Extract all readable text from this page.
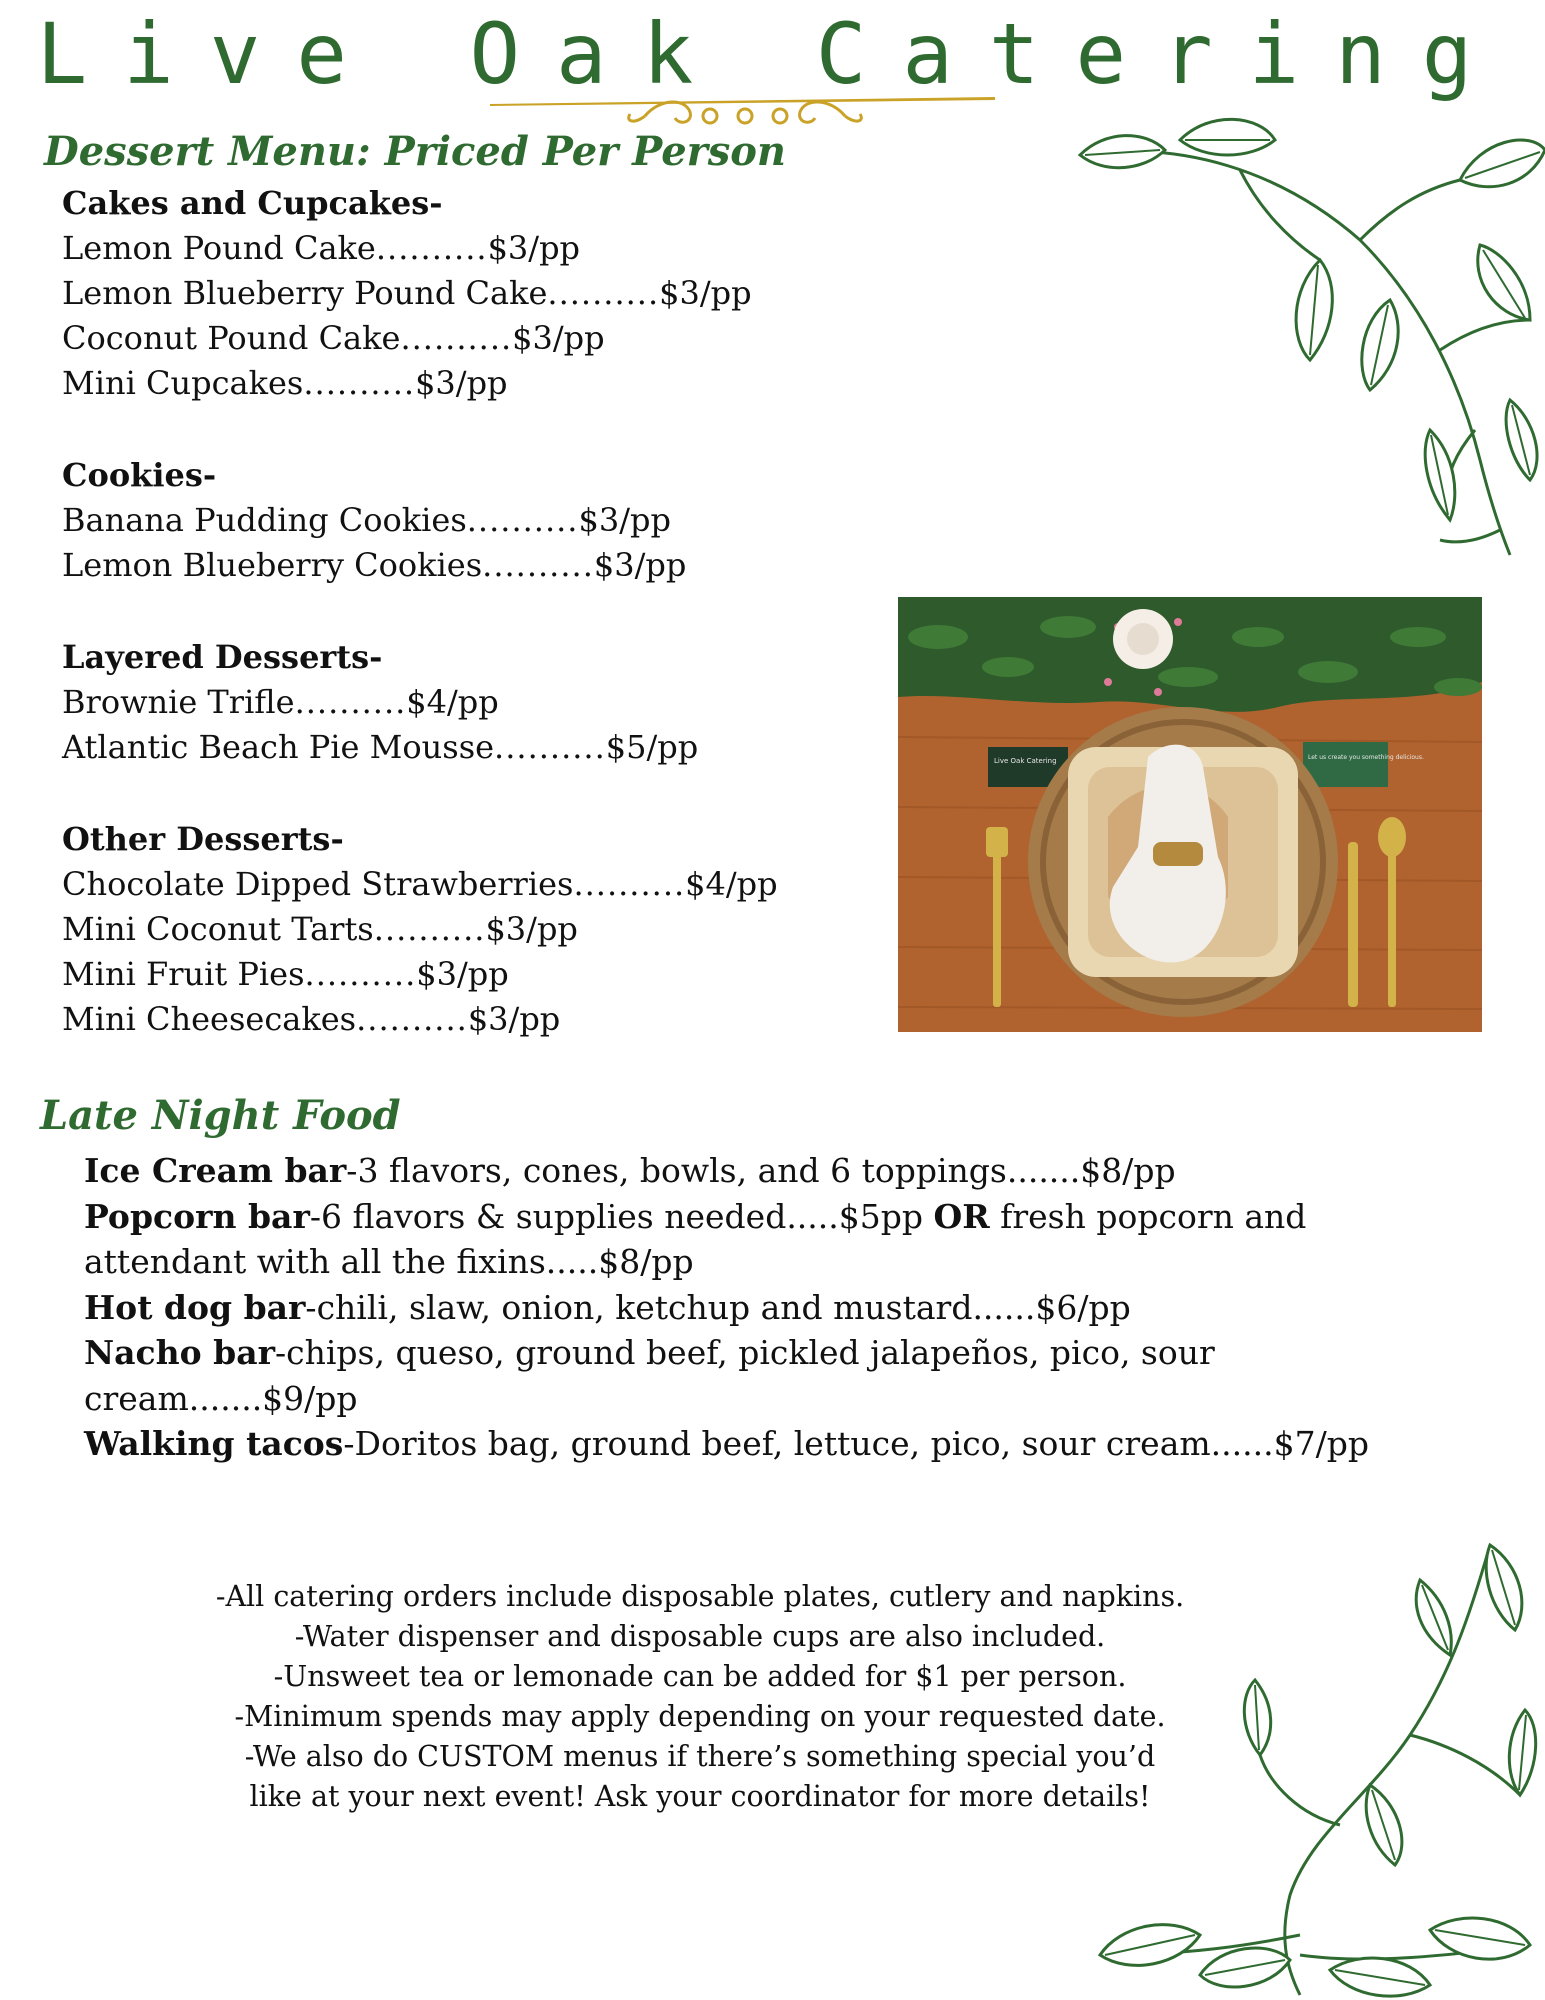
Live Oak Catering
Dessert Menu: Priced Per Person
Cakes and Cupcakes-
Lemon Pound Cake..........$3/pp
Lemon Blueberry Pound Cake..........$3/pp
Coconut Pound Cake..........$3/pp
Mini Cupcakes..........$3/pp
Cookies-
Banana Pudding Cookies..........$3/pp
Lemon Blueberry Cookies..........$3/pp
Layered Desserts-
Brownie Trifle..........$4/pp
Atlantic Beach Pie Mousse..........$5/pp
Other Desserts-
Chocolate Dipped Strawberries..........$4/pp
Mini Coconut Tarts..........$3/pp
Mini Fruit Pies..........$3/pp
Mini Cheesecakes..........$3/pp
Live Oak Catering	Let us create you something delicious.
Late Night Food
Ice Cream bar-3 flavors, cones, bowls, and 6 toppings.......$8/pp
Popcorn bar-6 flavors & supplies needed.....$5pp OR fresh popcorn and attendant with all the fixins.....$8/pp
Hot dog bar-chili, slaw, onion, ketchup and mustard......$6/pp
Nacho bar-chips, queso, ground beef, pickled jalapeños, pico, sour cream.......$9/pp
Walking tacos-Doritos bag, ground beef, lettuce, pico, sour cream......$7/pp
-All catering orders include disposable plates, cutlery and napkins.
-Water dispenser and disposable cups are also included.
-Unsweet tea or lemonade can be added for $1 per person.
-Minimum spends may apply depending on your requested date.
-We also do CUSTOM menus if there’s something special you’d
like at your next event! Ask your coordinator for more details!
